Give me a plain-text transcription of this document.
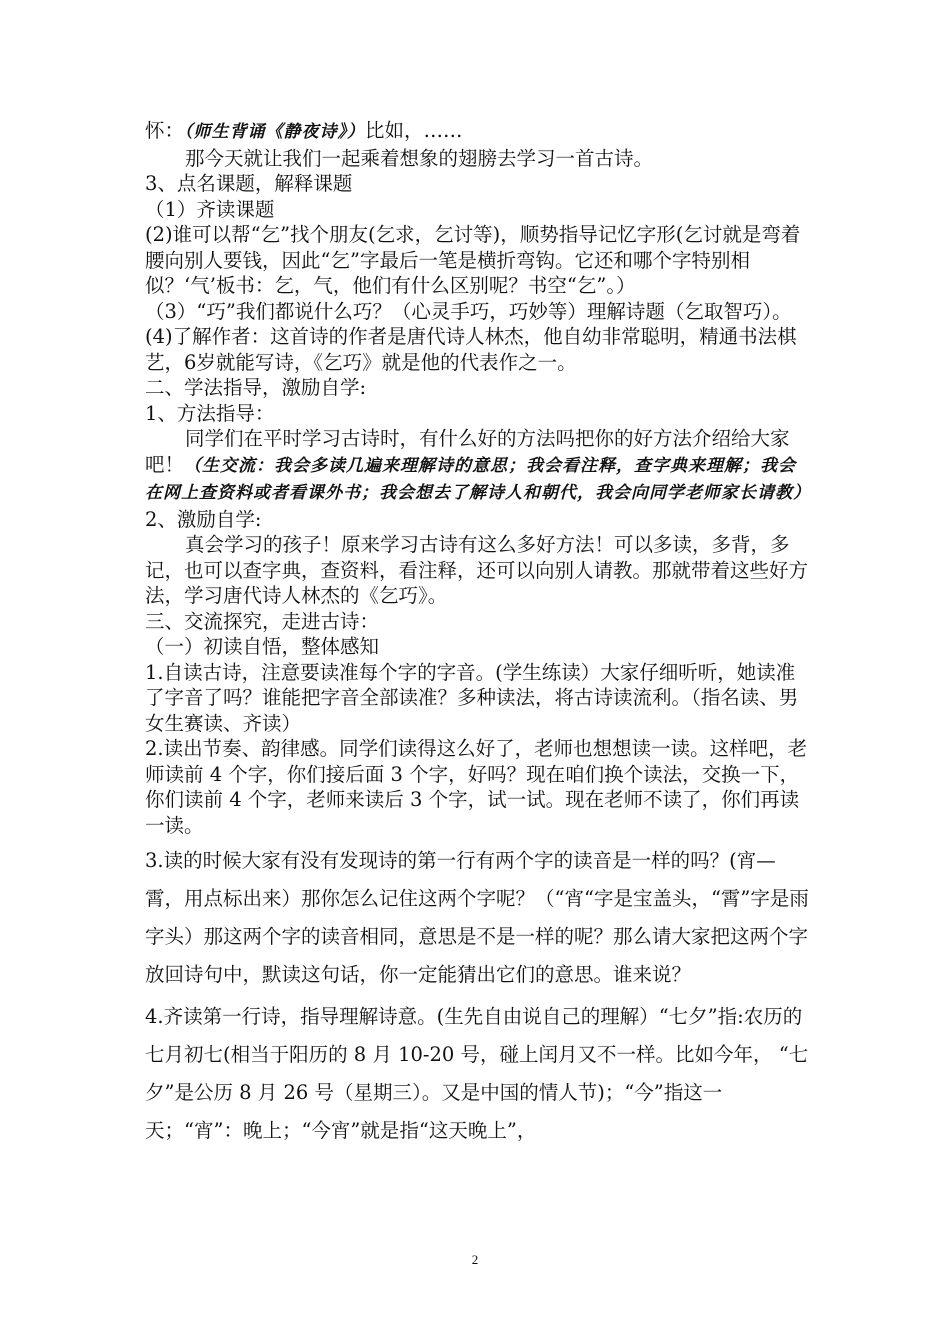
怀：（师生背诵《静夜诗》）比如，……

那今天就让我们一起乘着想象的翅膀去学习一首古诗。

3、点名课题，解释课题

（1）齐读课题

(2)谁可以帮“乞”找个朋友(乞求，乞讨等)，顺势指导记忆字形(乞讨就是弯着腰向别人要钱，因此“乞”字最后一笔是横折弯钩。它还和哪个字特别相似？‘气’板书：乞，气，他们有什么区别呢？书空“乞”。）

（3）“巧”我们都说什么巧？（心灵手巧，巧妙等）理解诗题（乞取智巧）。

(4)了解作者：这首诗的作者是唐代诗人林杰，他自幼非常聪明，精通书法棋艺，6岁就能写诗，《乞巧》就是他的代表作之一。

二、学法指导，激励自学:

1、方法指导：

同学们在平时学习古诗时，有什么好的方法吗把你的好方法介绍给大家吧！（生交流：我会多读几遍来理解诗的意思；我会看注释，查字典来理解；我会在网上查资料或者看课外书；我会想去了解诗人和朝代，我会向同学老师家长请教）

2、激励自学:

真会学习的孩子！原来学习古诗有这么多好方法！可以多读，多背，多记，也可以查字典，查资料，看注释，还可以向别人请教。那就带着这些好方法，学习唐代诗人林杰的《乞巧》。

三、交流探究，走进古诗：

（一）初读自悟，整体感知

1.自读古诗，注意要读准每个字的字音。(学生练读）大家仔细听听，她读准了字音了吗？谁能把字音全部读准？多种读法，将古诗读流利。（指名读、男女生赛读、齐读）

2.读出节奏、韵律感。同学们读得这么好了，老师也想想读一读。这样吧，老师读前 4 个字，你们接后面 3 个字，好吗？现在咱们换个读法，交换一下，你们读前 4 个字，老师来读后 3 个字，试一试。现在老师不读了，你们再读一读。

3.读的时候大家有没有发现诗的第一行有两个字的读音是一样的吗？(宵—霄，用点标出来）那你怎么记住这两个字呢？（“宵“字是宝盖头，“霄”字是雨字头）那这两个字的读音相同，意思是不是一样的呢？那么请大家把这两个字放回诗句中，默读这句话，你一定能猜出它们的意思。谁来说？

4.齐读第一行诗，指导理解诗意。(生先自由说自己的理解）“七夕”指:农历的七月初七(相当于阳历的 8 月 10-20 号，碰上闰月又不一样。比如今年， “七夕”是公历 8 月 26 号（星期三）。又是中国的情人节)；“今”指这一天；“宵”：晚上；“今宵”就是指“这天晚上”，

2
